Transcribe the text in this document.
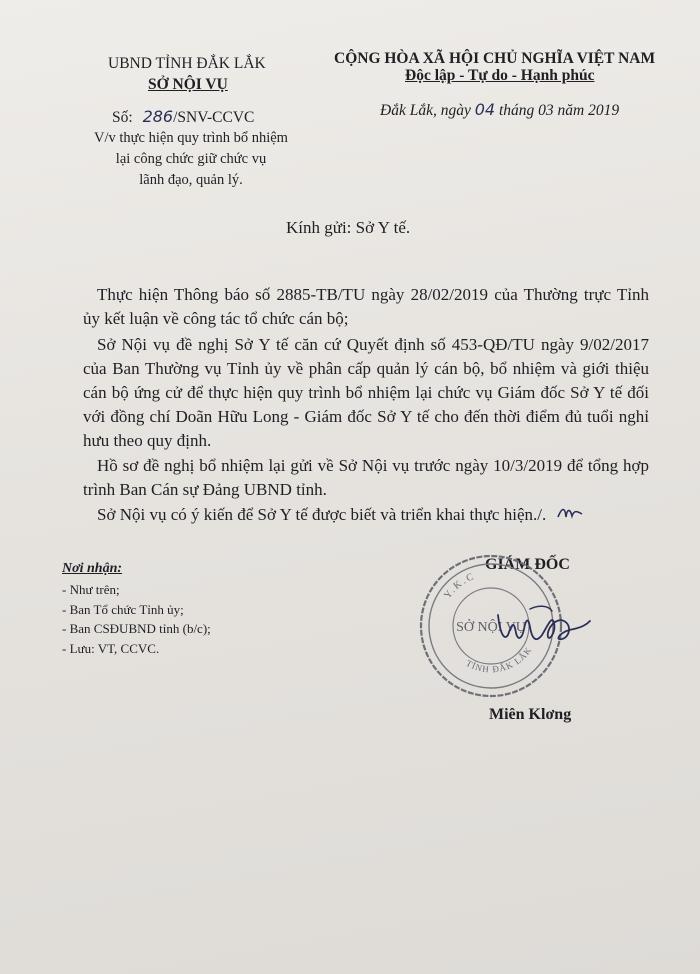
UBND TỈNH ĐẮK LẮK
SỞ NỘI VỤ
Số: 286/SNV-CCVC
V/v thực hiện quy trình bổ nhiệm
lại công chức giữ chức vụ
lãnh đạo, quản lý.
CỘNG HÒA XÃ HỘI CHỦ NGHĨA VIỆT NAM
Độc lập - Tự do - Hạnh phúc
Đắk Lắk, ngày 04 tháng 03 năm 2019
Kính gửi: Sở Y tế.
Thực hiện Thông báo số 2885-TB/TU ngày 28/02/2019 của Thường trực Tỉnh ủy kết luận về công tác tổ chức cán bộ;
Sở Nội vụ đề nghị Sở Y tế căn cứ Quyết định số 453-QĐ/TU ngày 9/02/2017 của Ban Thường vụ Tỉnh ủy về phân cấp quản lý cán bộ, bổ nhiệm và giới thiệu cán bộ ứng cử để thực hiện quy trình bổ nhiệm lại chức vụ Giám đốc Sở Y tế đối với đồng chí Doãn Hữu Long - Giám đốc Sở Y tế cho đến thời điểm đủ tuổi nghỉ hưu theo quy định.
Hồ sơ đề nghị bổ nhiệm lại gửi về Sở Nội vụ trước ngày 10/3/2019 để tổng hợp trình Ban Cán sự Đảng UBND tỉnh.
Sở Nội vụ có ý kiến để Sở Y tế được biết và triển khai thực hiện./.
Nơi nhận:
- Như trên;
- Ban Tổ chức Tỉnh ủy;
- Ban CSĐUBND tỉnh (b/c);
- Lưu: VT, CCVC.
GIÁM ĐỐC
Y.K.C
TỈNH ĐẮK LẮK
SỞ NỘI VỤ
Miên Klơng
